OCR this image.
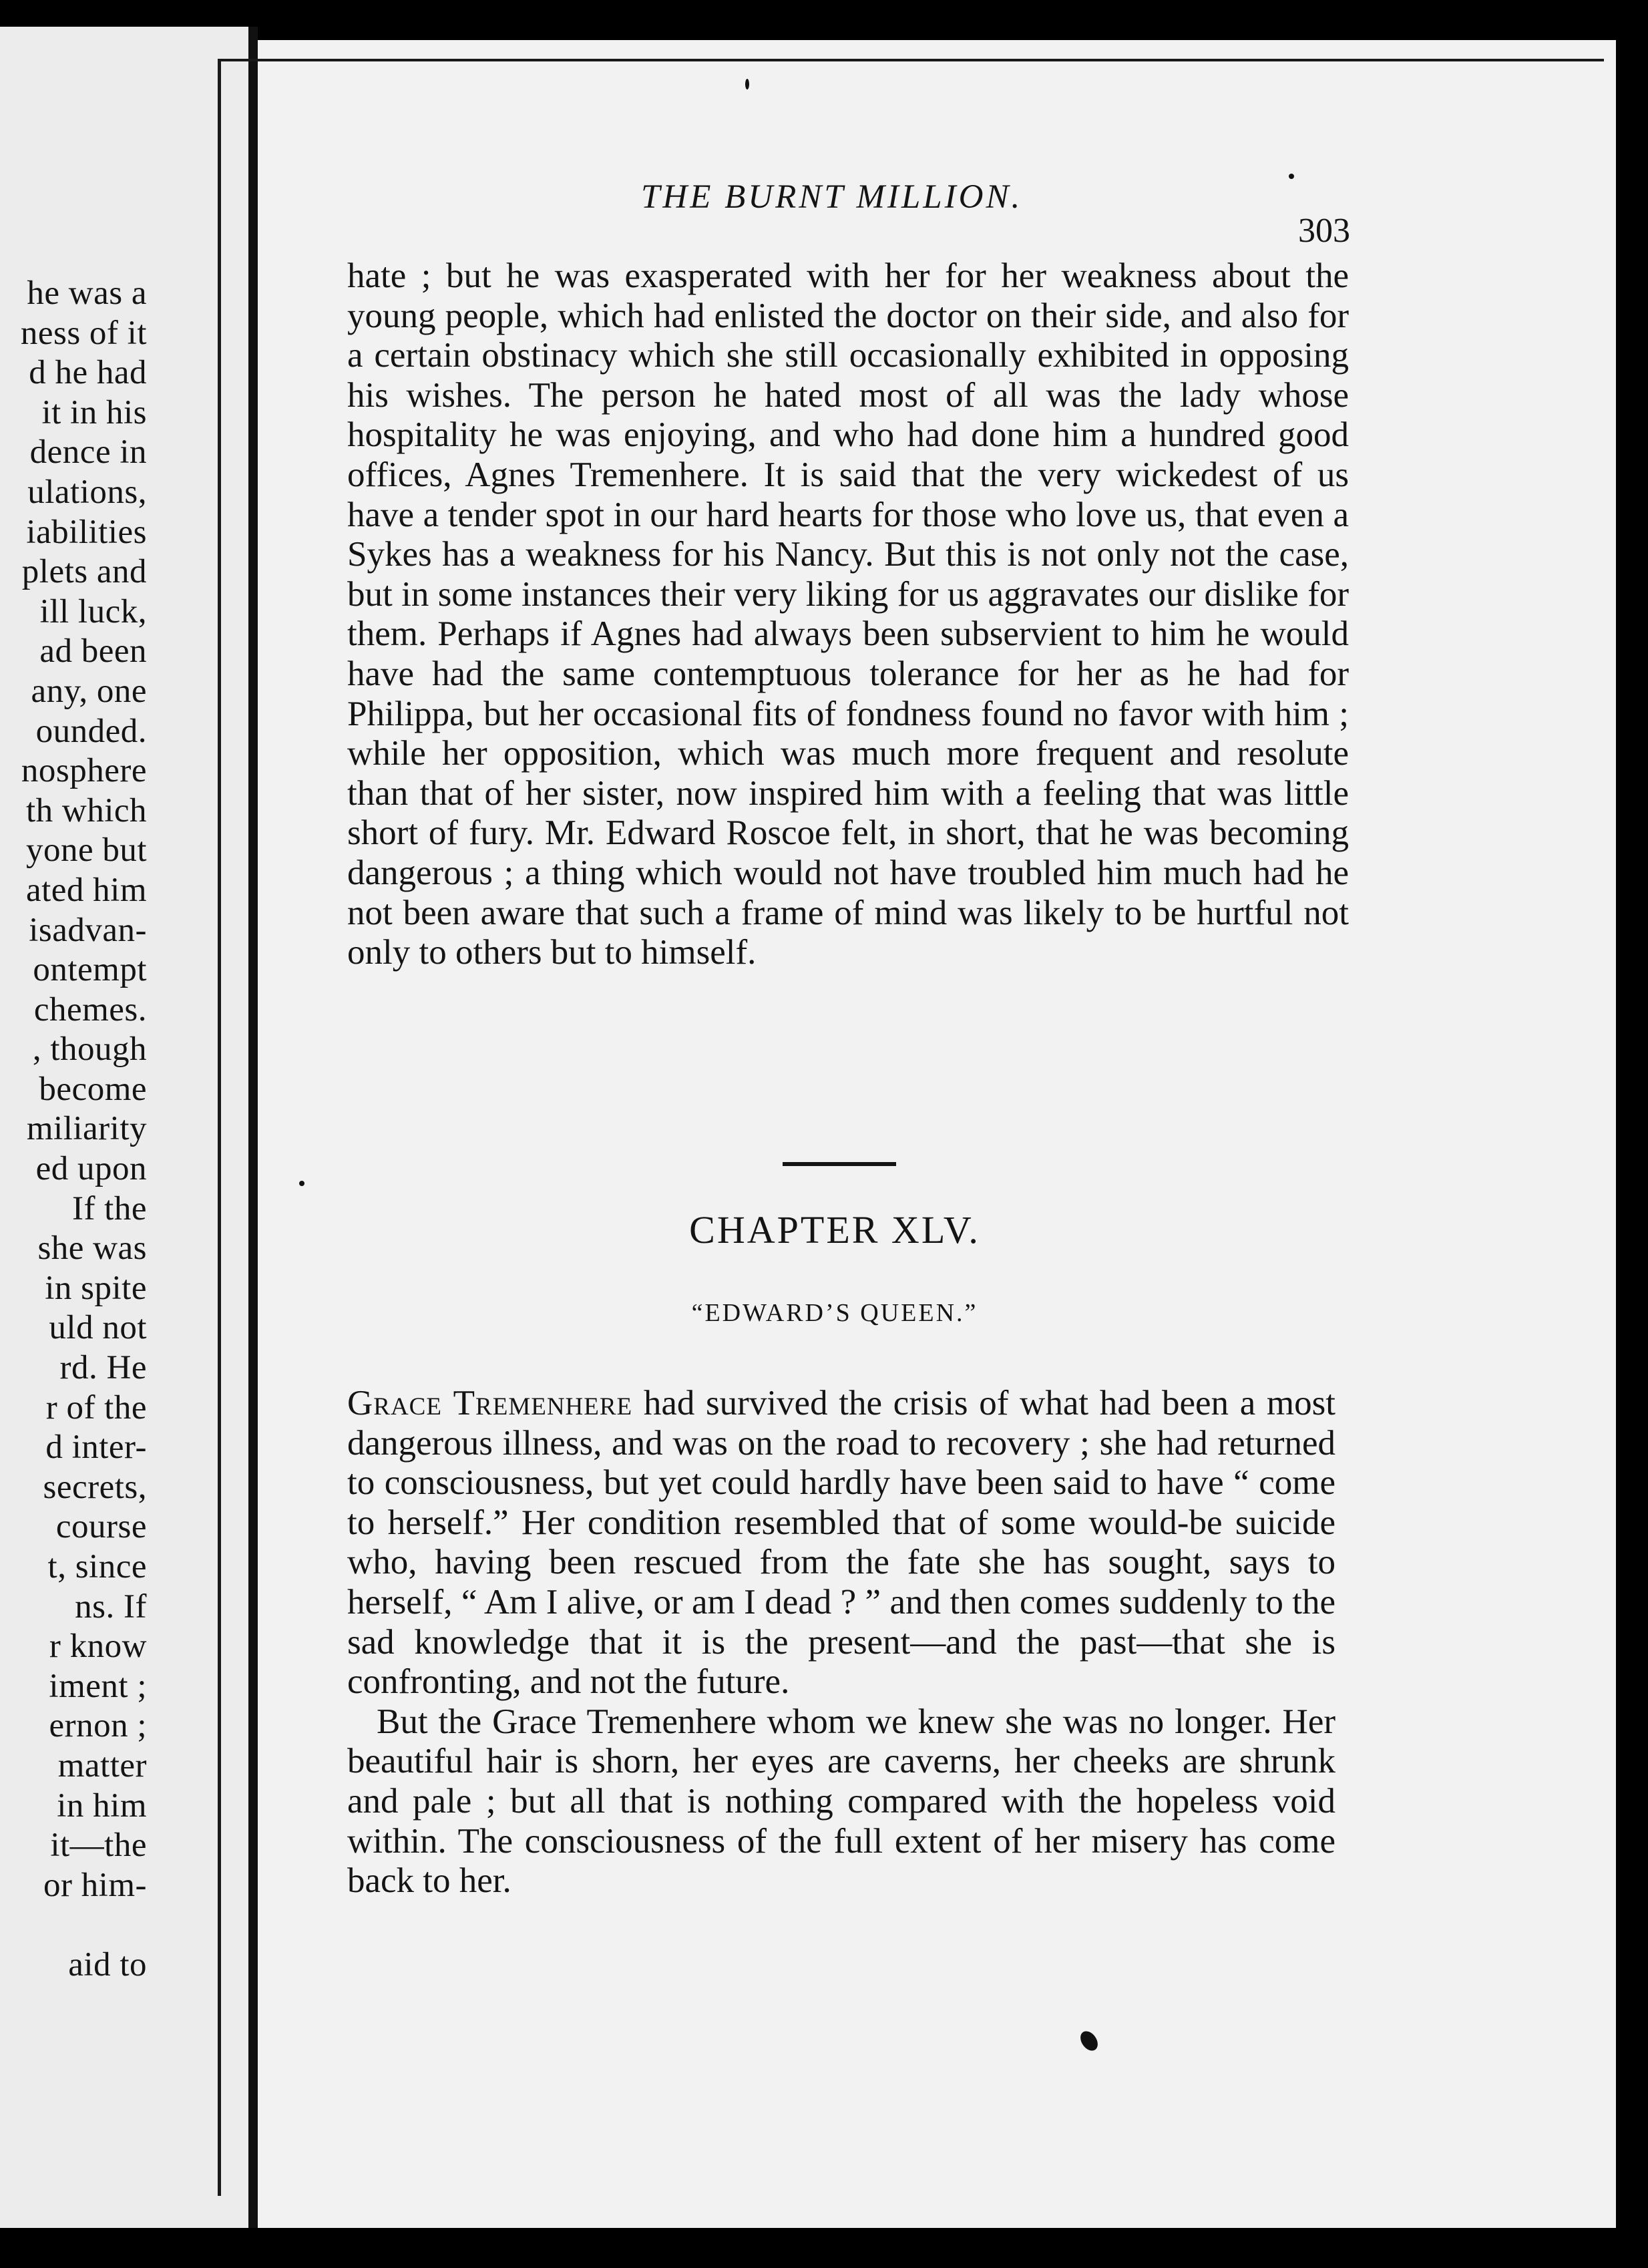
he was a
ness of it
d he had
it in his
dence in
ulations,
iabilities
plets and
ill luck,
ad been
any, one
ounded.
nosphere
th which
yone but
ated him
isadvan-
ontempt
chemes.
, though
become
miliarity
ed upon
If the
she was
in spite
uld not
rd. He
r of the
d inter-
secrets,
course
t, since
ns. If
r know
iment ;
ernon ;
matter
in him
it—the
or him-
aid to
THE BURNT MILLION.
303

hate ; but he was exasperated with her for her weakness about the young people, which had enlisted the doctor on their side, and also for a certain obstinacy which she still occasionally exhibited in opposing his wishes. The person he hated most of all was the lady whose hospitality he was enjoying, and who had done him a hundred good offices, Agnes Tremenhere. It is said that the very wickedest of us have a tender spot in our hard hearts for those who love us, that even a Sykes has a weakness for his Nancy. But this is not only not the case, but in some instances their very liking for us aggravates our dislike for them. Perhaps if Agnes had always been subservient to him he would have had the same contemptuous tolerance for her as he had for Philippa, but her occasional fits of fondness found no favor with him ; while her opposition, which was much more frequent and resolute than that of her sister, now inspired him with a feeling that was little short of fury. Mr. Edward Roscoe felt, in short, that he was becoming dangerous ; a thing which would not have troubled him much had he not been aware that such a frame of mind was likely to be hurtful not only to others but to himself.

CHAPTER XLV.
“EDWARD’S QUEEN.”

Grace Tremenhere had survived the crisis of what had been a most dangerous illness, and was on the road to recovery ; she had returned to consciousness, but yet could hardly have been said to have “ come to herself.” Her condition resembled that of some would-be suicide who, having been rescued from the fate she has sought, says to herself, “ Am I alive, or am I dead ? ” and then comes suddenly to the sad knowledge that it is the present—and the past—that she is confronting, and not the future.

But the Grace Tremenhere whom we knew she was no longer. Her beautiful hair is shorn, her eyes are caverns, her cheeks are shrunk and pale ; but all that is nothing compared with the hopeless void within. The consciousness of the full extent of her misery has come back to her.
